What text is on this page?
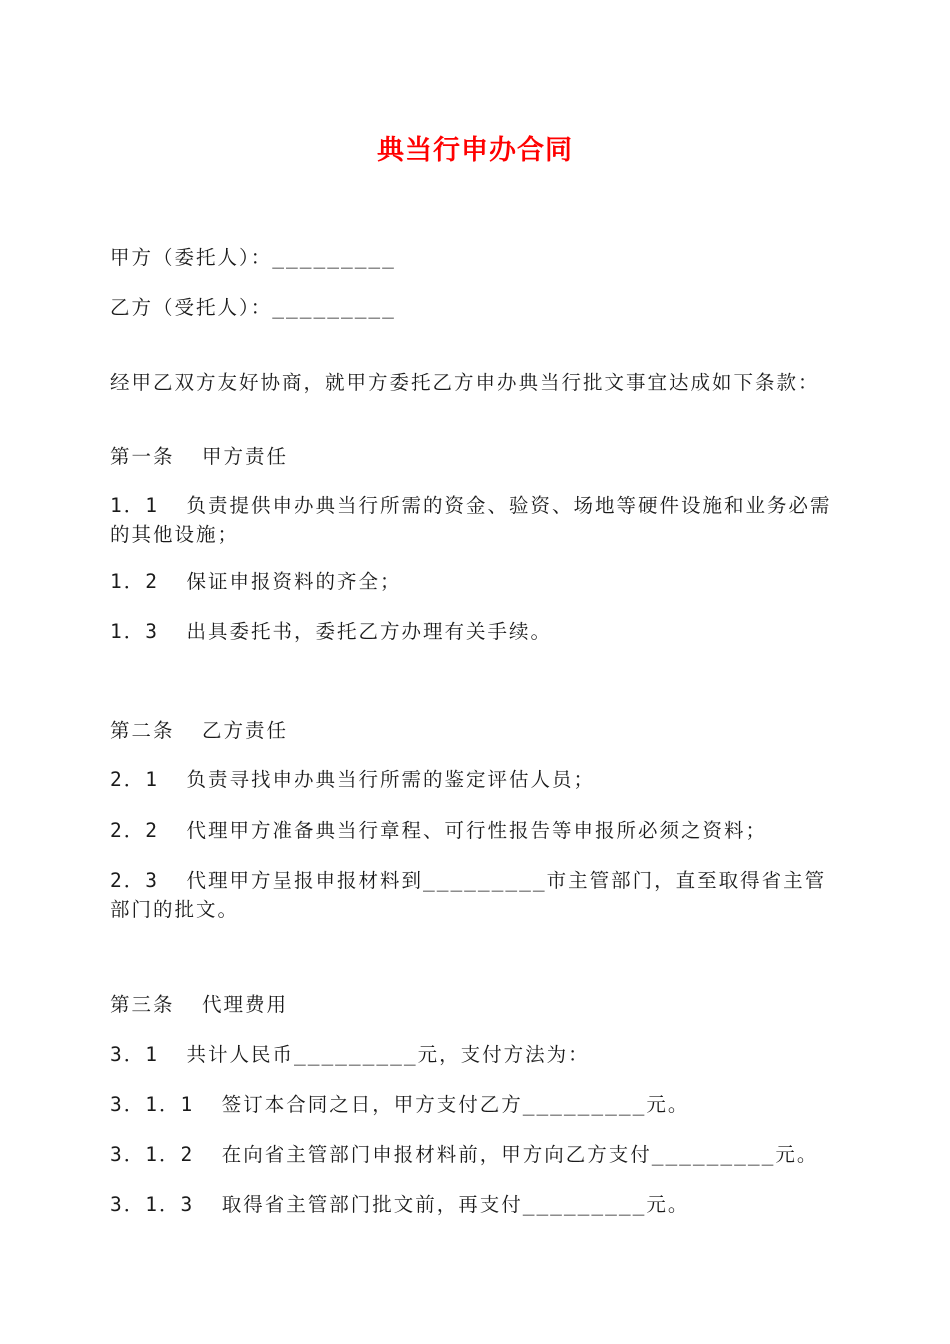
典当行申办合同
甲方（委托人）：_________
乙方（受托人）：_________
经甲乙双方友好协商，就甲方委托乙方申办典当行批文事宜达成如下条款：
第一条  甲方责任
1．1  负责提供申办典当行所需的资金、验资、场地等硬件设施和业务必需的其他设施；
1．2  保证申报资料的齐全；
1．3  出具委托书，委托乙方办理有关手续。
第二条  乙方责任
2．1  负责寻找申办典当行所需的鉴定评估人员；
2．2  代理甲方准备典当行章程、可行性报告等申报所必须之资料；
2．3  代理甲方呈报申报材料到_________市主管部门，直至取得省主管部门的批文。
第三条  代理费用
3．1  共计人民币_________元，支付方法为：
3．1．1  签订本合同之日，甲方支付乙方_________元。
3．1．2  在向省主管部门申报材料前，甲方向乙方支付_________元。
3．1．3  取得省主管部门批文前，再支付_________元。
